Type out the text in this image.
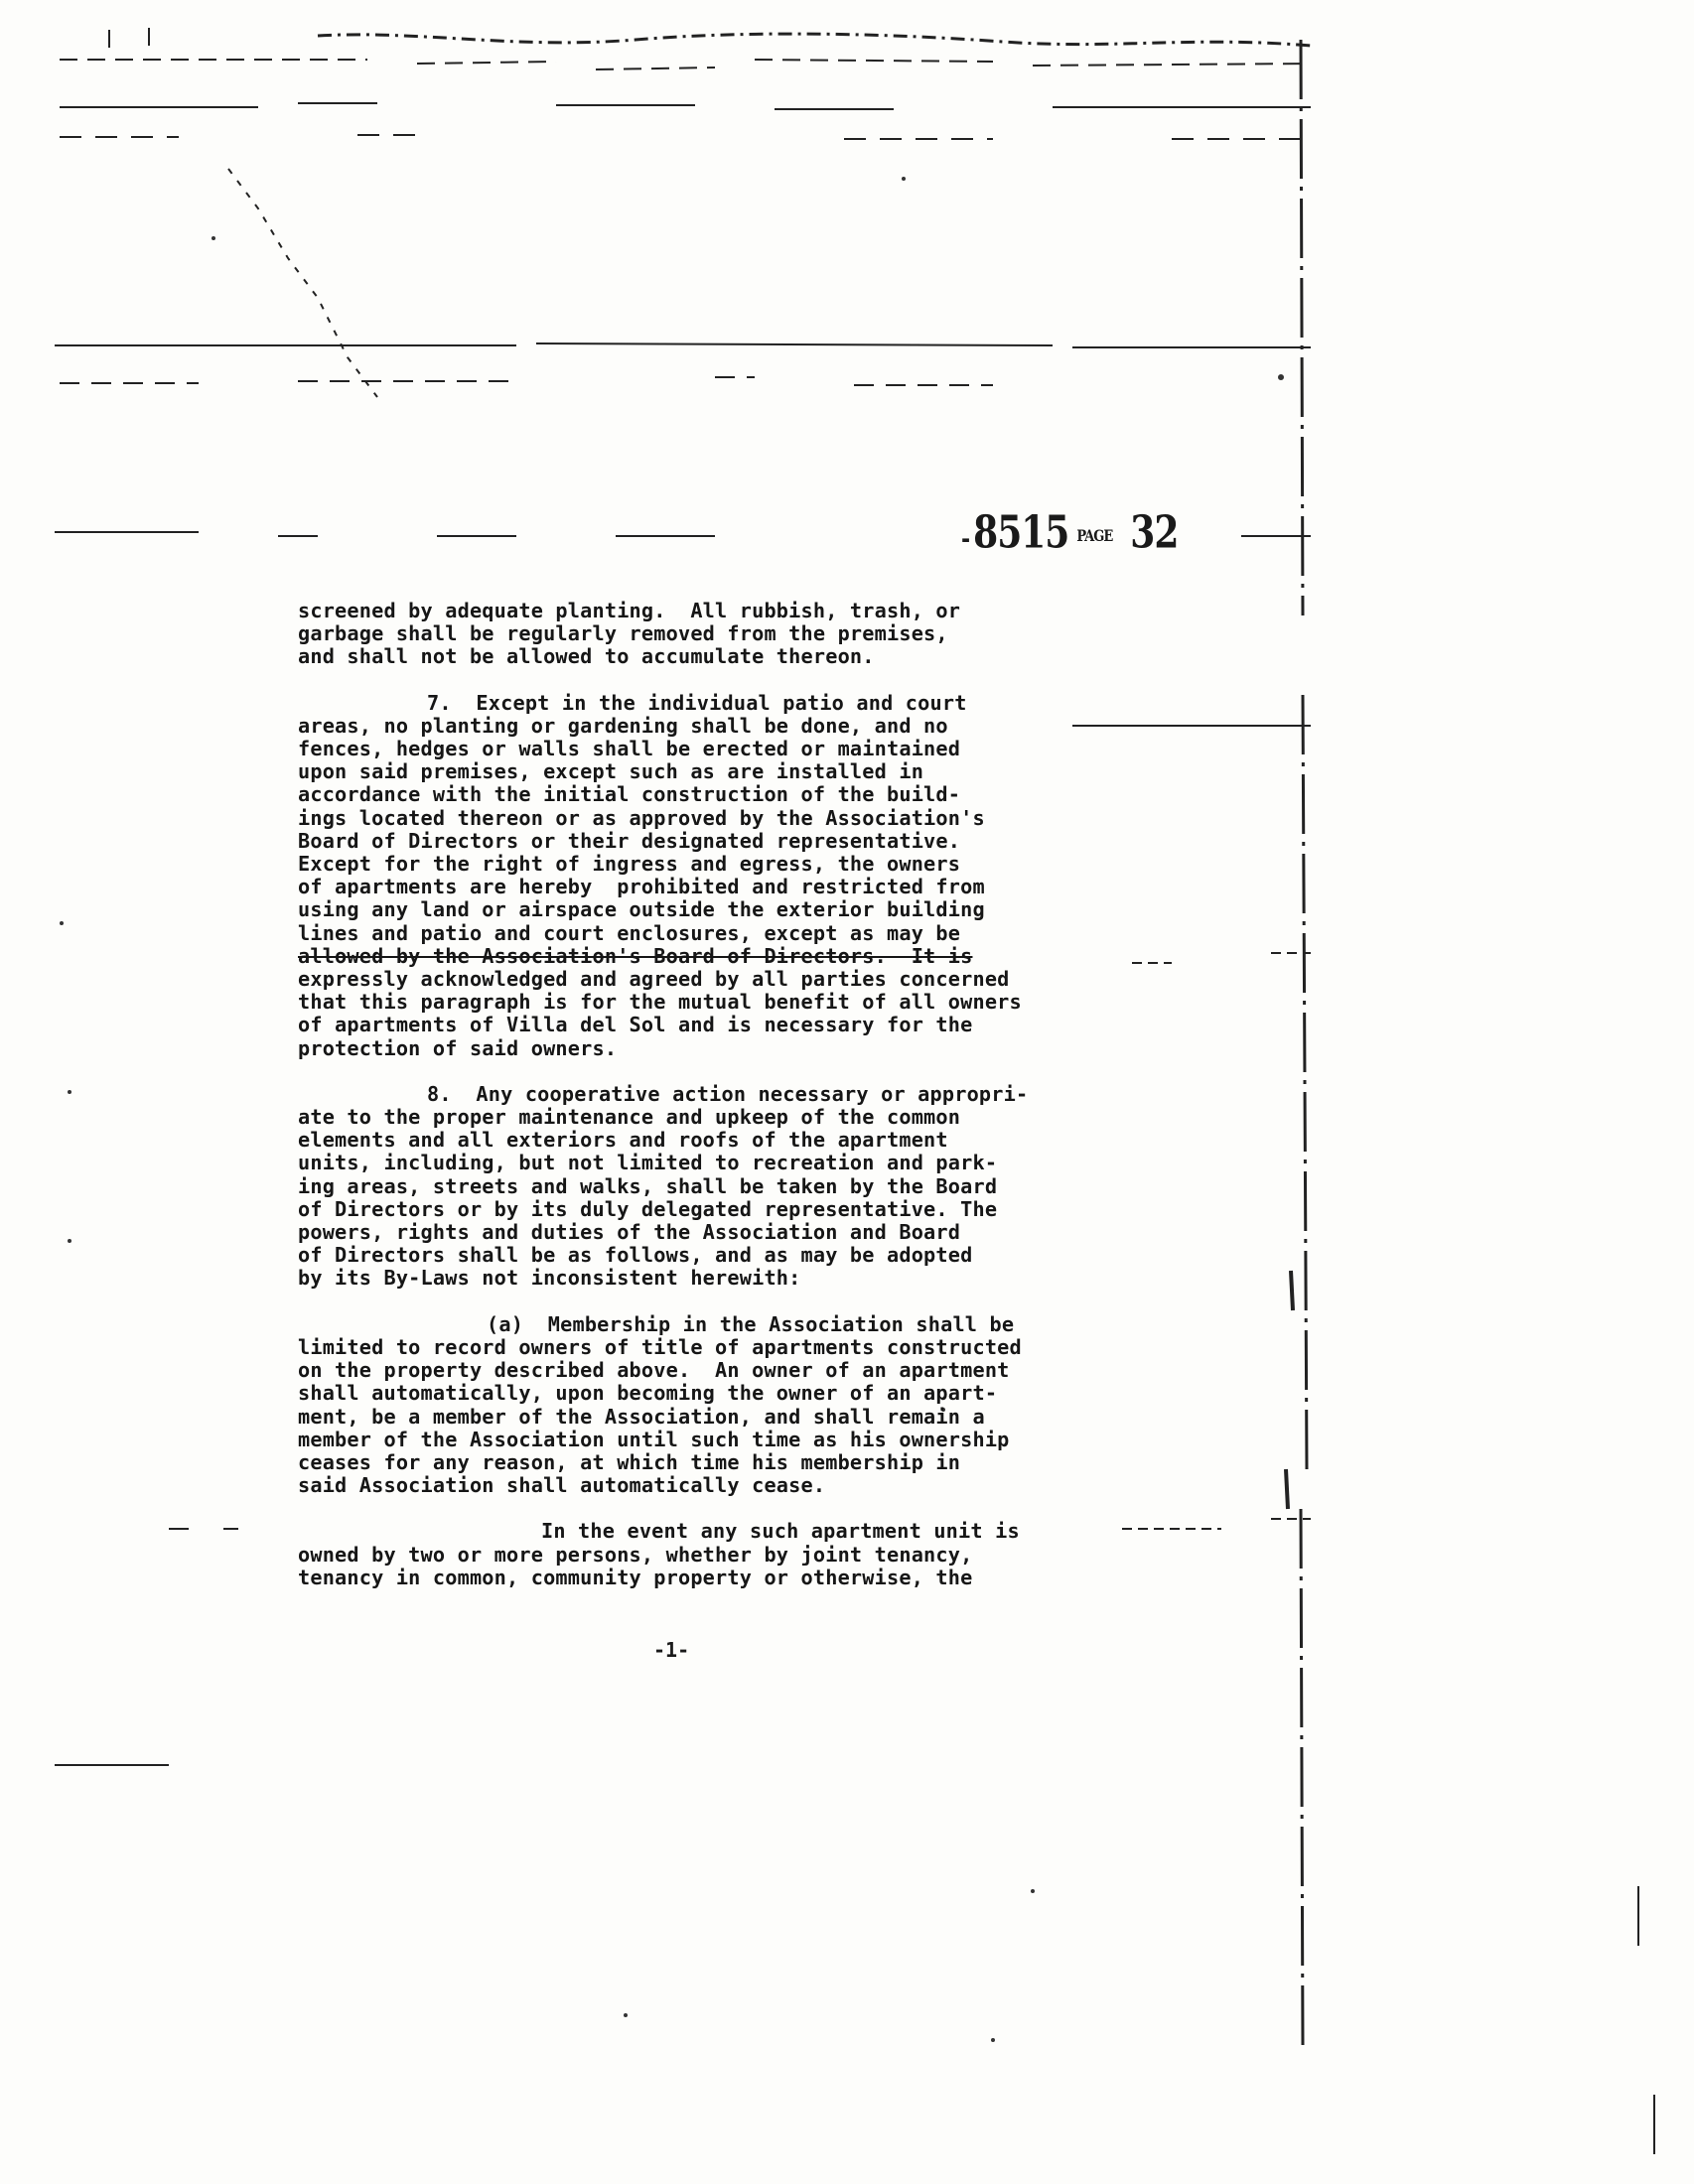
- 8515 PAGE 32

screened by adequate planting.  All rubbish, trash, or

garbage shall be regularly removed from the premises,

and shall not be allowed to accumulate thereon.

7.  Except in the individual patio and court

areas, no planting or gardening shall be done, and no

fences, hedges or walls shall be erected or maintained

upon said premises, except such as are installed in

accordance with the initial construction of the build-

ings located thereon or as approved by the Association's

Board of Directors or their designated representative.

Except for the right of ingress and egress, the owners

of apartments are hereby  prohibited and restricted from

using any land or airspace outside the exterior building

lines and patio and court enclosures, except as may be

allowed by the Association's Board of Directors.  It is

expressly acknowledged and agreed by all parties concerned

that this paragraph is for the mutual benefit of all owners

of apartments of Villa del Sol and is necessary for the

protection of said owners.

8.  Any cooperative action necessary or appropri-

ate to the proper maintenance and upkeep of the common

elements and all exteriors and roofs of the apartment

units, including, but not limited to recreation and park-

ing areas, streets and walks, shall be taken by the Board

of Directors or by its duly delegated representative. The

powers, rights and duties of the Association and Board

of Directors shall be as follows, and as may be adopted

by its By-Laws not inconsistent herewith:

(a)  Membership in the Association shall be

limited to record owners of title of apartments constructed

on the property described above.  An owner of an apartment

shall automatically, upon becoming the owner of an apart-

ment, be a member of the Association, and shall remain a

member of the Association until such time as his ownership

ceases for any reason, at which time his membership in

said Association shall automatically cease.

In the event any such apartment unit is

owned by two or more persons, whether by joint tenancy,

tenancy in common, community property or otherwise, the

-1-
